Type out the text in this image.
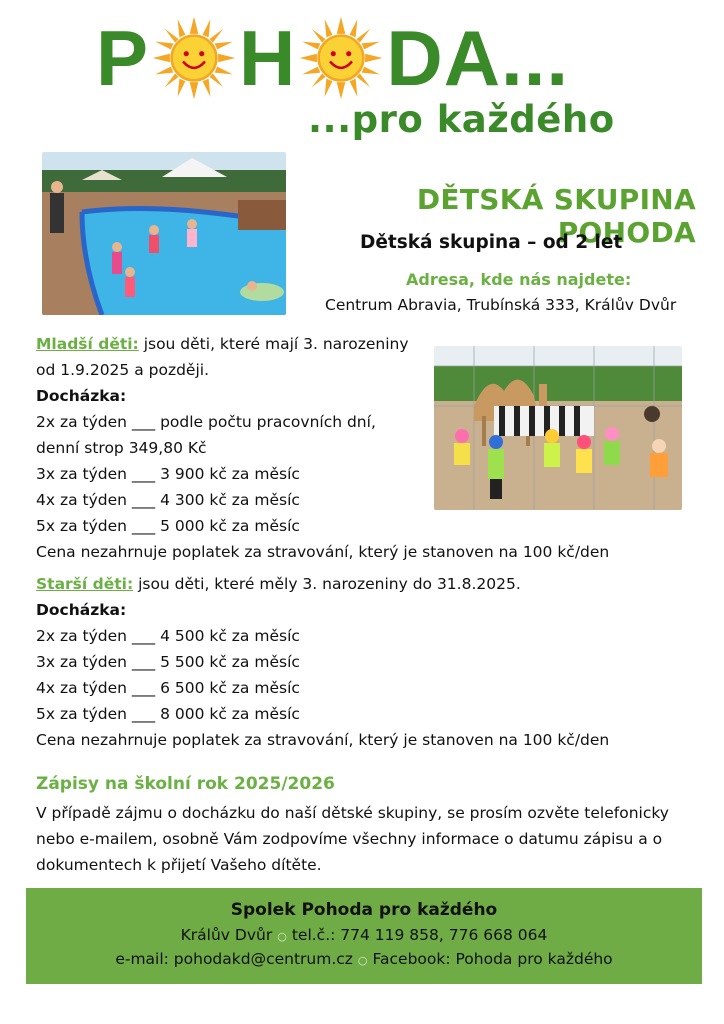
P H DA...
...pro každého
DĚTSKÁ SKUPINA POHODA
Dětská skupina – od 2 let
Adresa, kde nás najdete:
Centrum Abravia, Trubínská 333, Králův Dvůr
Mladší děti: jsou děti, které mají 3. narozeniny
od 1.9.2025 a později.
Docházka:
2x za týden ___ podle počtu pracovních dní,
denní strop 349,80 Kč
3x za týden ___ 3 900 kč za měsíc
4x za týden ___ 4 300 kč za měsíc
5x za týden ___ 5 000 kč za měsíc
Cena nezahrnuje poplatek za stravování, který je stanoven na 100 kč/den
Starší děti: jsou děti, které měly 3. narozeniny do 31.8.2025.
Docházka:
2x za týden ___ 4 500 kč za měsíc
3x za týden ___ 5 500 kč za měsíc
4x za týden ___ 6 500 kč za měsíc
5x za týden ___ 8 000 kč za měsíc
Cena nezahrnuje poplatek za stravování, který je stanoven na 100 kč/den
Zápisy na školní rok 2025/2026
V případě zájmu o docházku do naší dětské skupiny, se prosím ozvěte telefonicky
nebo e-mailem, osobně Vám zodpovíme všechny informace o datumu zápisu a o
dokumentech k přijetí Vašeho dítěte.
Spolek Pohoda pro každého
Králův Dvůr ○ tel.č.: 774 119 858, 776 668 064
e-mail: pohodakd@centrum.cz ○ Facebook: Pohoda pro každého
